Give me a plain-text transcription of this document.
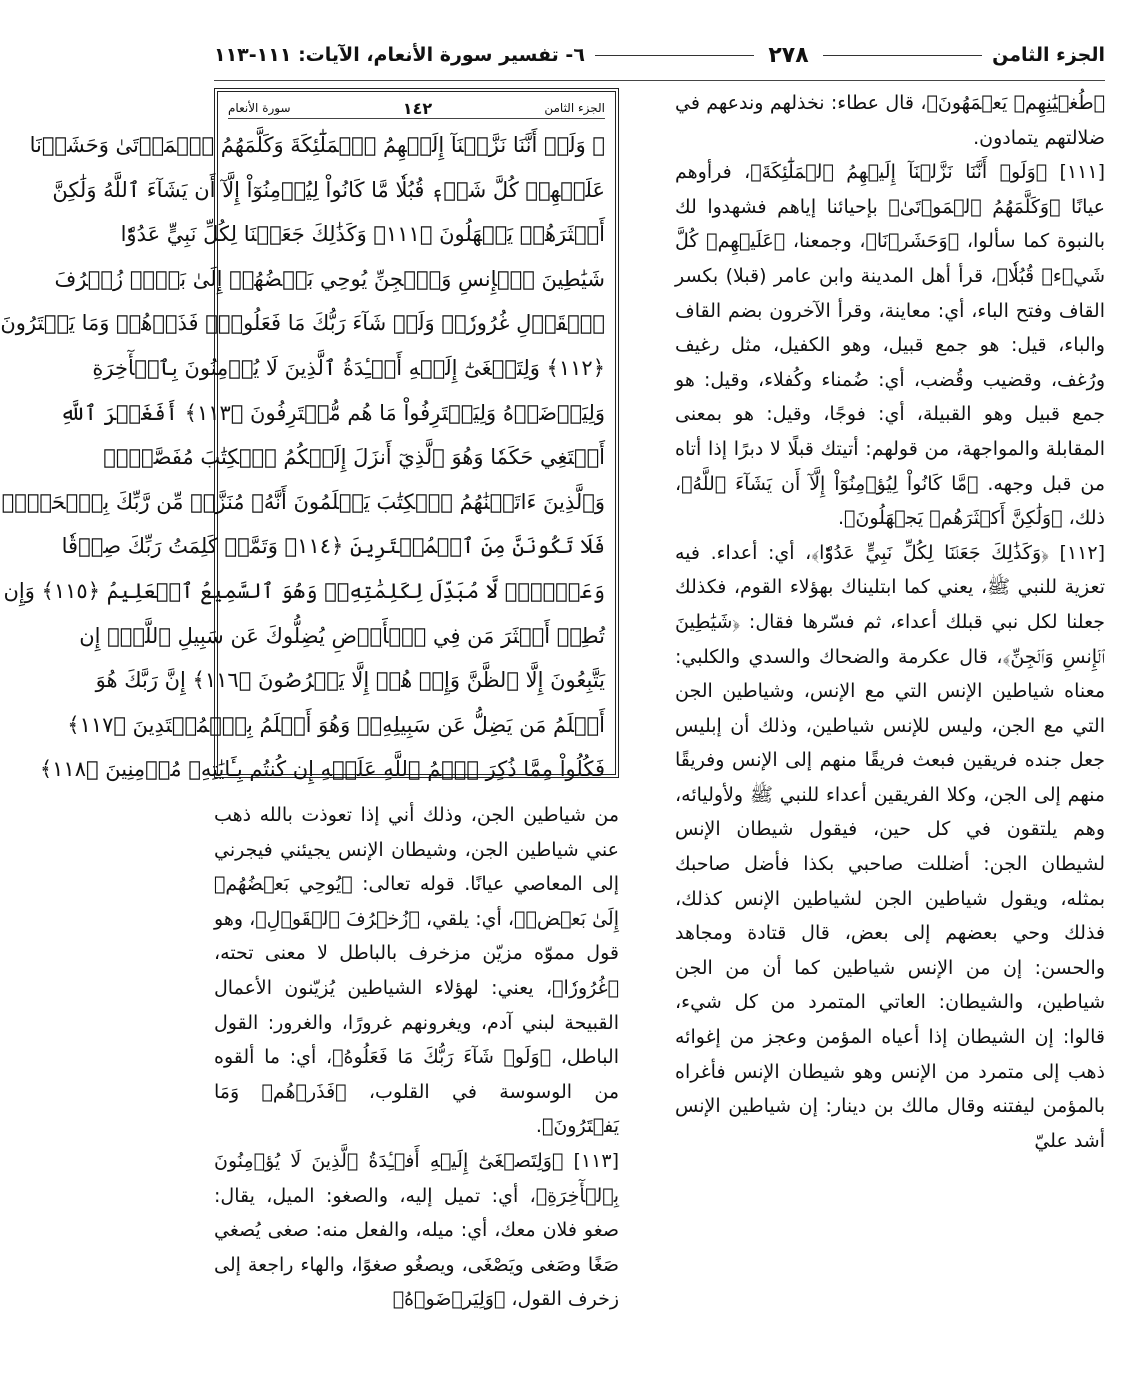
الجزء الثامن
٢٧٨
٦- تفسير سورة الأنعام، الآيات: ١١١-١١٣

﴿طُغۡيَٰنِهِمۡ يَعۡمَهُونَ﴾، قال عطاء: نخذلهم وندعهم في ضلالتهم يتمادون.

[١١١] ﴿وَلَوۡ أَنَّنَا نَزَّلۡنَآ إِلَيۡهِمُ ٱلۡمَلَٰٓئِكَةَ﴾، فرأوهم عيانًا ﴿وَكَلَّمَهُمُ ٱلۡمَوۡتَىٰ﴾ بإحيائنا إياهم فشهدوا لك بالنبوة كما سألوا، ﴿وَحَشَرۡنَا﴾، وجمعنا، ﴿عَلَيۡهِمۡ كُلَّ شَيۡءٖ قُبُلٗا﴾، قرأ أهل المدينة وابن عامر (قبلا) بكسر القاف وفتح الباء، أي: معاينة، وقرأ الآخرون بضم القاف والباء، قيل: هو جمع قبيل، وهو الكفيل، مثل رغيف ورُغف، وقضيب وقُضب، أي: ضُمناء وكُفلاء، وقيل: هو جمع قبيل وهو القبيلة، أي: فوجًا، وقيل: هو بمعنى المقابلة والمواجهة، من قولهم: أتيتك قبلًا لا دبرًا إذا أتاه من قبل وجهه. ﴿مَّا كَانُواْ لِيُؤۡمِنُوٓاْ إِلَّآ أَن يَشَآءَ ٱللَّهُ﴾، ذلك، ﴿وَلَٰكِنَّ أَكۡثَرَهُمۡ يَجۡهَلُونَ﴾.

[١١٢] ﴿وَكَذَٰلِكَ جَعَلۡنَا لِكُلِّ نَبِيٍّ عَدُوّٗا﴾، أي: أعداء. فيه تعزية للنبي ﷺ، يعني كما ابتليناك بهؤلاء القوم، فكذلك جعلنا لكل نبي قبلك أعداء، ثم فسّرها فقال: ﴿شَيَٰطِينَ ٱلۡإِنسِ وَٱلۡجِنِّ﴾، قال عكرمة والضحاك والسدي والكلبي: معناه شياطين الإنس التي مع الإنس، وشياطين الجن التي مع الجن، وليس للإنس شياطين، وذلك أن إبليس جعل جنده فريقين فبعث فريقًا منهم إلى الإنس وفريقًا منهم إلى الجن، وكلا الفريقين أعداء للنبي ﷺ ولأوليائه، وهم يلتقون في كل حين، فيقول شيطان الإنس لشيطان الجن: أضللت صاحبي بكذا فأضل صاحبك بمثله، ويقول شياطين الجن لشياطين الإنس كذلك، فذلك وحي بعضهم إلى بعض، قال قتادة ومجاهد والحسن: إن من الإنس شياطين كما أن من الجن شياطين، والشيطان: العاتي المتمرد من كل شيء، قالوا: إن الشيطان إذا أعياه المؤمن وعجز من إغوائه ذهب إلى متمرد من الإنس وهو شيطان الإنس فأغراه بالمؤمن ليفتنه وقال مالك بن دينار: إن شياطين الإنس أشد عليّ

الجزء الثامن
١٤٢
سورة الأنعام
۞ وَلَوۡ أَنَّنَا نَزَّلۡنَآ إِلَيۡهِمُ ٱلۡمَلَٰٓئِكَةَ وَكَلَّمَهُمُ ٱلۡمَوۡتَىٰ وَحَشَرۡنَا
عَلَيۡهِمۡ كُلَّ شَيۡءٖ قُبُلٗا مَّا كَانُواْ لِيُؤۡمِنُوٓاْ إِلَّآ أَن يَشَآءَ ٱللَّهُ وَلَٰكِنَّ
أَكۡثَرَهُمۡ يَجۡهَلُونَ ﴿١١١﴾ وَكَذَٰلِكَ جَعَلۡنَا لِكُلِّ نَبِيٍّ عَدُوّٗا
شَيَٰطِينَ ٱلۡإِنسِ وَٱلۡجِنِّ يُوحِي بَعۡضُهُمۡ إِلَىٰ بَعۡضٖ زُخۡرُفَ
ٱلۡقَوۡلِ غُرُورٗاۚ وَلَوۡ شَآءَ رَبُّكَ مَا فَعَلُوهُۖ فَذَرۡهُمۡ وَمَا يَفۡتَرُونَ
﴿١١٢﴾ وَلِتَصۡغَىٰٓ إِلَيۡهِ أَفۡـِٔدَةُ ٱلَّذِينَ لَا يُؤۡمِنُونَ بِٱلۡأٓخِرَةِ
وَلِيَرۡضَوۡهُ وَلِيَقۡتَرِفُواْ مَا هُم مُّقۡتَرِفُونَ ﴿١١٣﴾ أَفَغَيۡرَ ٱللَّهِ
أَبۡتَغِي حَكَمٗا وَهُوَ ٱلَّذِيٓ أَنزَلَ إِلَيۡكُمُ ٱلۡكِتَٰبَ مُفَصَّلٗاۚ
وَٱلَّذِينَ ءَاتَيۡنَٰهُمُ ٱلۡكِتَٰبَ يَعۡلَمُونَ أَنَّهُۥ مُنَزَّلٞ مِّن رَّبِّكَ بِٱلۡحَقِّۖ
فَلَا تَكُونَنَّ مِنَ ٱلۡمُمۡتَرِينَ ﴿١١٤﴾ وَتَمَّتۡ كَلِمَتُ رَبِّكَ صِدۡقٗا
وَعَدۡلٗاۚ لَّا مُبَدِّلَ لِكَلِمَٰتِهِۦۚ وَهُوَ ٱلسَّمِيعُ ٱلۡعَلِيمُ ﴿١١٥﴾ وَإِن
تُطِعۡ أَكۡثَرَ مَن فِي ٱلۡأَرۡضِ يُضِلُّوكَ عَن سَبِيلِ ٱللَّهِۚ إِن
يَتَّبِعُونَ إِلَّا ٱلظَّنَّ وَإِنۡ هُمۡ إِلَّا يَخۡرُصُونَ ﴿١١٦﴾ إِنَّ رَبَّكَ هُوَ
أَعۡلَمُ مَن يَضِلُّ عَن سَبِيلِهِۦۖ وَهُوَ أَعۡلَمُ بِٱلۡمُهۡتَدِينَ ﴿١١٧﴾
فَكُلُواْ مِمَّا ذُكِرَ ٱسۡمُ ٱللَّهِ عَلَيۡهِ إِن كُنتُم بِـَٔايَٰتِهِۦ مُؤۡمِنِينَ ﴿١١٨﴾

من شياطين الجن، وذلك أني إذا تعوذت بالله ذهب عني شياطين الجن، وشيطان الإنس يجيئني فيجرني إلى المعاصي عيانًا. قوله تعالى: ﴿يُوحِي بَعۡضُهُمۡ إِلَىٰ بَعۡضٖ﴾، أي: يلقي، ﴿زُخۡرُفَ ٱلۡقَوۡلِ﴾، وهو قول مموّه مزيّن مزخرف بالباطل لا معنى تحته، ﴿غُرُورٗا﴾، يعني: لهؤلاء الشياطين يُزيّنون الأعمال القبيحة لبني آدم، ويغرونهم غرورًا، والغرور: القول الباطل، ﴿وَلَوۡ شَآءَ رَبُّكَ مَا فَعَلُوهُ﴾، أي: ما ألقوه من الوسوسة في القلوب، ﴿فَذَرۡهُمۡ وَمَا يَفۡتَرُونَ﴾.

[١١٣] ﴿وَلِتَصۡغَىٰٓ إِلَيۡهِ أَفۡـِٔدَةُ ٱلَّذِينَ لَا يُؤۡمِنُونَ بِٱلۡأٓخِرَةِ﴾، أي: تميل إليه، والصغو: الميل، يقال: صغو فلان معك، أي: ميله، والفعل منه: صغى يُصغي صَغًا وصَغى ويَصْغَى، ويصغُو صغوًا، والهاء راجعة إلى زخرف القول، ﴿وَلِيَرۡضَوۡهُ﴾
